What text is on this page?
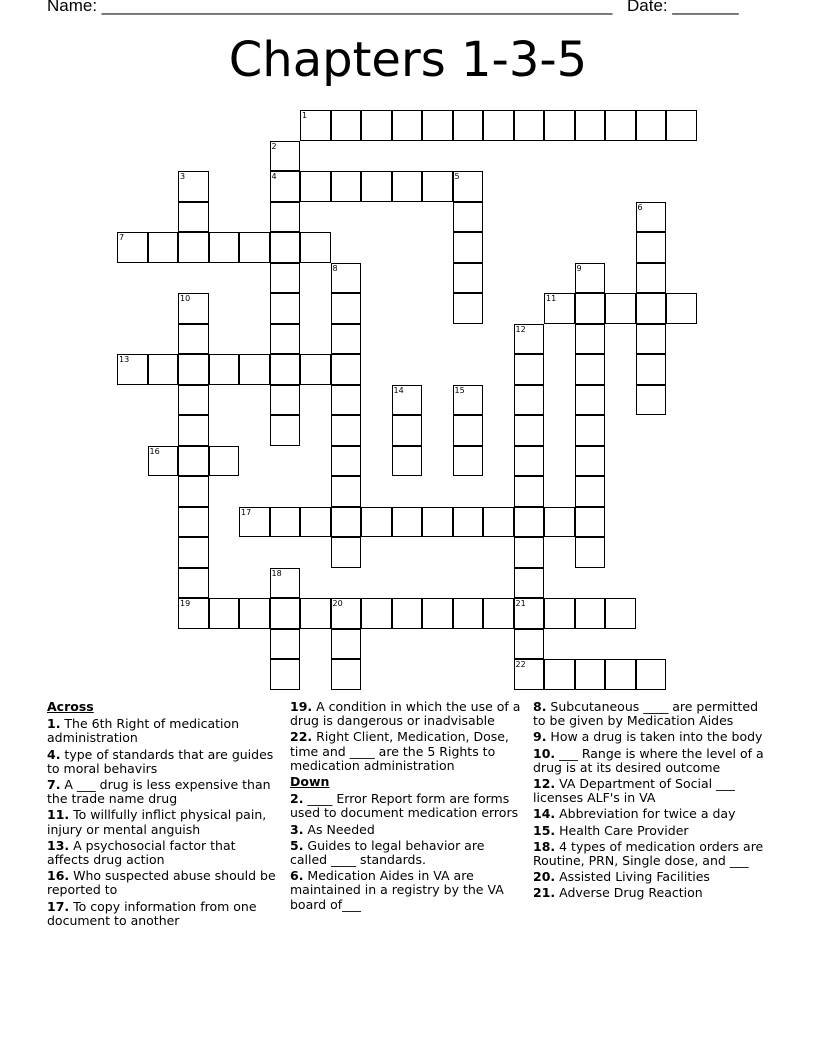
Name: ______________________________________________________ Date: _______
Chapters 1-3-5
1
2
4
3	5
6
7
8	9
10
19
11
12
13
14	15
16
17
18
20	21
22
Across
1. The 6th Right of medication administration
4. type of standards that are guides to moral behavirs
7. A ___ drug is less expensive than the trade name drug
11. To willfully inflict physical pain, injury or mental anguish
13. A psychosocial factor that affects drug action
16. Who suspected abuse should be reported to
17. To copy information from one document to another
19. A condition in which the use of a drug is dangerous or inadvisable
22. Right Client, Medication, Dose, time and ____ are the 5 Rights to medication administration
Down
2. ____ Error Report form are forms used to document medication errors
3. As Needed
5. Guides to legal behavior are called ____ standards.
6. Medication Aides in VA are maintained in a registry by the VA board of___
8. Subcutaneous ____ are permitted to be given by Medication Aides
9. How a drug is taken into the body
10. ___ Range is where the level of a drug is at its desired outcome
12. VA Department of Social ___ licenses ALF's in VA
14. Abbreviation for twice a day
15. Health Care Provider
18. 4 types of medication orders are Routine, PRN, Single dose, and ___
20. Assisted Living Facilities
21. Adverse Drug Reaction
